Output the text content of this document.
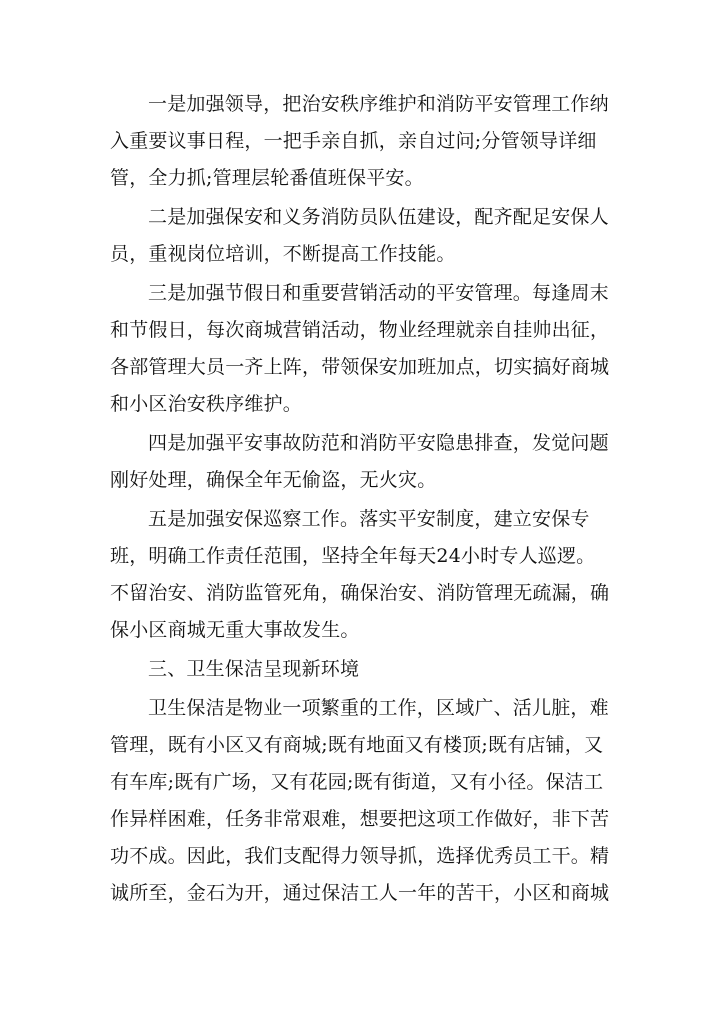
一是加强领导，把治安秩序维护和消防平安管理工作纳入重要议事日程，一把手亲自抓，亲自过问;分管领导详细管，全力抓;管理层轮番值班保平安。

二是加强保安和义务消防员队伍建设，配齐配足安保人员，重视岗位培训，不断提高工作技能。

三是加强节假日和重要营销活动的平安管理。每逢周末和节假日，每次商城营销活动，物业经理就亲自挂帅出征，各部管理大员一齐上阵，带领保安加班加点，切实搞好商城和小区治安秩序维护。

四是加强平安事故防范和消防平安隐患排查，发觉问题刚好处理，确保全年无偷盗，无火灾。

五是加强安保巡察工作。落实平安制度，建立安保专班，明确工作责任范围，坚持全年每天24小时专人巡逻。不留治安、消防监管死角，确保治安、消防管理无疏漏，确保小区商城无重大事故发生。

三、卫生保洁呈现新环境

卫生保洁是物业一项繁重的工作，区域广、活儿脏，难管理，既有小区又有商城;既有地面又有楼顶;既有店铺，又有车库;既有广场，又有花园;既有街道，又有小径。保洁工作异样困难，任务非常艰难，想要把这项工作做好，非下苦功不成。因此，我们支配得力领导抓，选择优秀员工干。精诚所至，金石为开，通过保洁工人一年的苦干，小区和商城
